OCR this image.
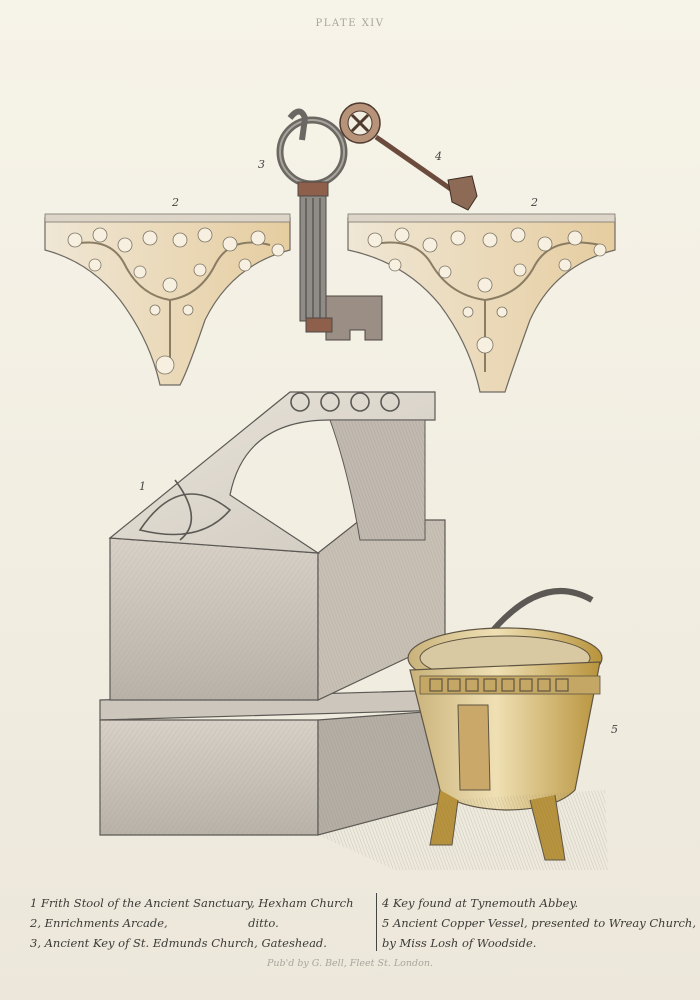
PLATE XIV
3
4
2	2
1
5
1 Frith Stool of the Ancient Sanctuary, Hexham Church
2, Enrichments Arcade,                      ditto.
3, Ancient Key of St. Edmunds Church, Gateshead.
4 Key found at Tynemouth Abbey.
5 Ancient Copper Vessel, presented to Wreay Church,
by Miss Losh of Woodside.
Pub'd by G. Bell, Fleet St. London.
